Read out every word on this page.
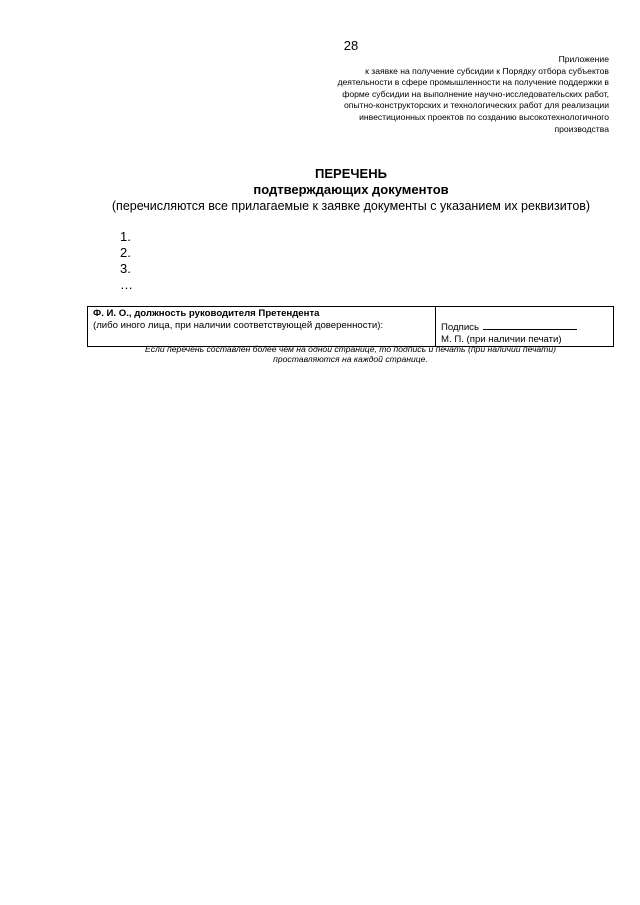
28
Приложение
к заявке на получение субсидии к Порядку отбора субъектов
деятельности в сфере промышленности на получение поддержки в
форме субсидии на выполнение научно-исследовательских работ,
опытно-конструкторских и технологических работ для реализации
инвестиционных проектов по созданию высокотехнологичного
производства
ПЕРЕЧЕНЬ
подтверждающих документов
(перечисляются все прилагаемые к заявке документы с указанием их реквизитов)
1.
2.
3.
…
Ф. И. О., должность руководителя Претендента
(либо иного лица, при наличии соответствующей доверенности):	Подпись
М. П. (при наличии печати)
Если перечень составлен более чем на одной странице, то подпись и печать (при наличии печати)
проставляются на каждой странице.
